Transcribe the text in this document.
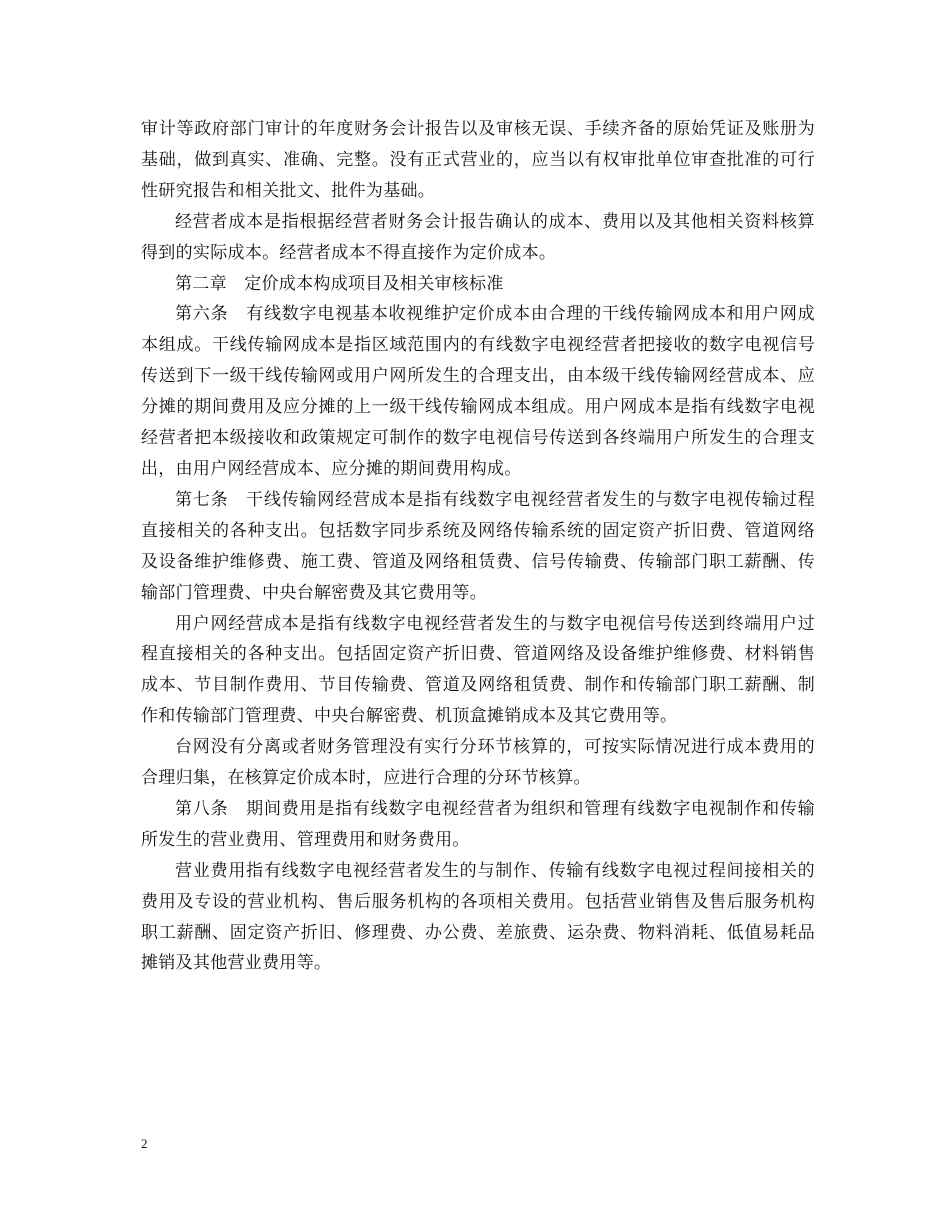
审计等政府部门审计的年度财务会计报告以及审核无误、手续齐备的原始凭证及账册为基础，做到真实、准确、完整。没有正式营业的，应当以有权审批单位审查批准的可行性研究报告和相关批文、批件为基础。

经营者成本是指根据经营者财务会计报告确认的成本、费用以及其他相关资料核算得到的实际成本。经营者成本不得直接作为定价成本。

第二章　定价成本构成项目及相关审核标准

第六条　有线数字电视基本收视维护定价成本由合理的干线传输网成本和用户网成本组成。干线传输网成本是指区域范围内的有线数字电视经营者把接收的数字电视信号传送到下一级干线传输网或用户网所发生的合理支出，由本级干线传输网经营成本、应分摊的期间费用及应分摊的上一级干线传输网成本组成。用户网成本是指有线数字电视经营者把本级接收和政策规定可制作的数字电视信号传送到各终端用户所发生的合理支出，由用户网经营成本、应分摊的期间费用构成。

第七条　干线传输网经营成本是指有线数字电视经营者发生的与数字电视传输过程直接相关的各种支出。包括数字同步系统及网络传输系统的固定资产折旧费、管道网络及设备维护维修费、施工费、管道及网络租赁费、信号传输费、传输部门职工薪酬、传输部门管理费、中央台解密费及其它费用等。

用户网经营成本是指有线数字电视经营者发生的与数字电视信号传送到终端用户过程直接相关的各种支出。包括固定资产折旧费、管道网络及设备维护维修费、材料销售成本、节目制作费用、节目传输费、管道及网络租赁费、制作和传输部门职工薪酬、制作和传输部门管理费、中央台解密费、机顶盒摊销成本及其它费用等。

台网没有分离或者财务管理没有实行分环节核算的，可按实际情况进行成本费用的合理归集，在核算定价成本时，应进行合理的分环节核算。

第八条　期间费用是指有线数字电视经营者为组织和管理有线数字电视制作和传输所发生的营业费用、管理费用和财务费用。

营业费用指有线数字电视经营者发生的与制作、传输有线数字电视过程间接相关的费用及专设的营业机构、售后服务机构的各项相关费用。包括营业销售及售后服务机构职工薪酬、固定资产折旧、修理费、办公费、差旅费、运杂费、物料消耗、低值易耗品摊销及其他营业费用等。

2
